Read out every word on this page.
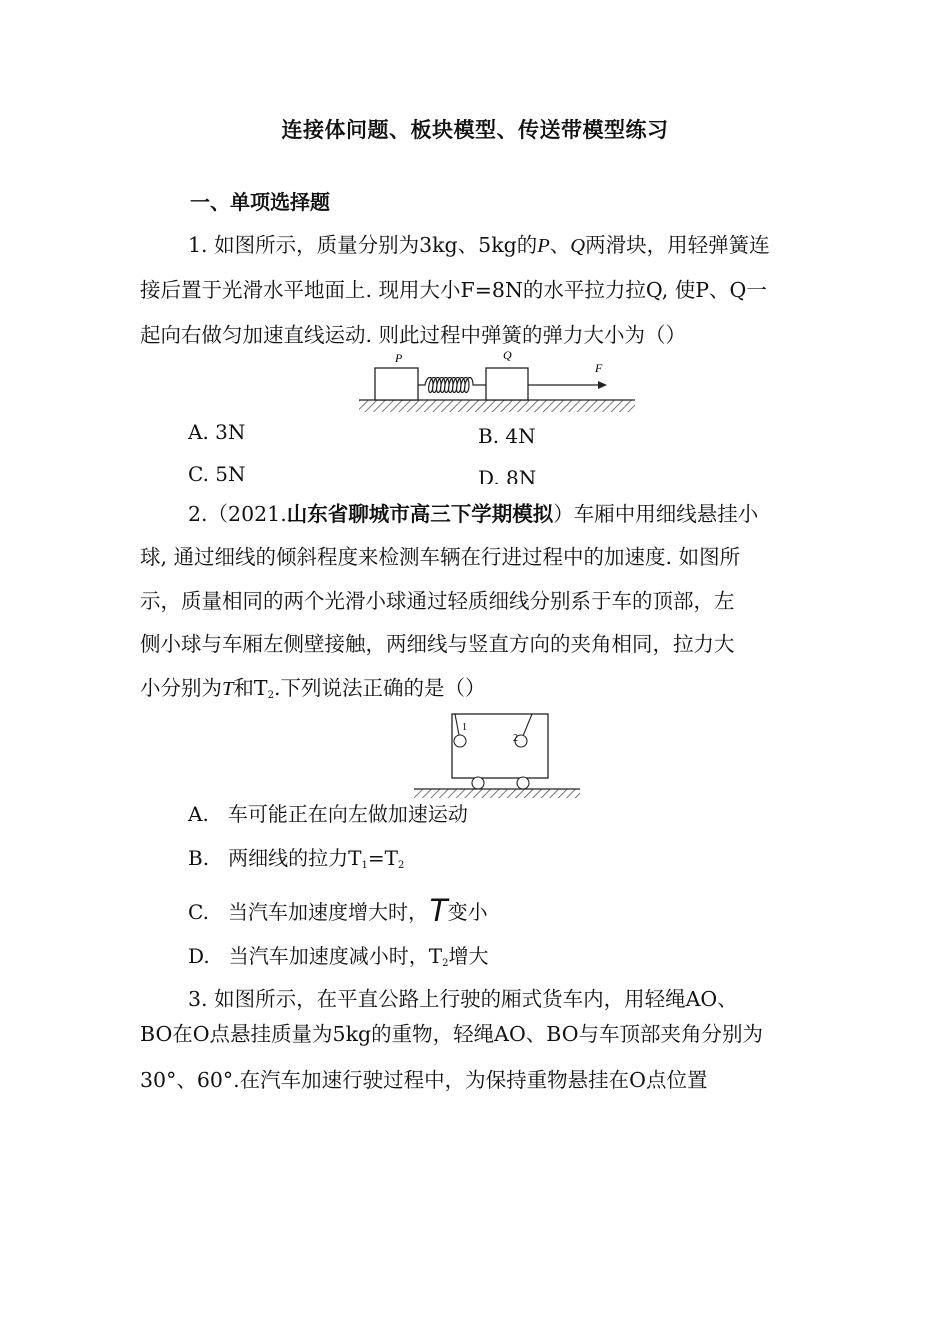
连接体问题、板块模型、传送带模型练习
一、单项选择题
1. 如图所示，质量分别为3kg、5kg的P、Q两滑块，用轻弹簧连
接后置于光滑水平地面上. 现用大小F=8N的水平拉力拉Q, 使P、Q一
起向右做匀加速直线运动. 则此过程中弹簧的弹力大小为（）
P	Q
F
A. 3N	B. 4N
C. 5N	D. 8N
2.（2021.山东省聊城市高三下学期模拟）车厢中用细线悬挂小
球, 通过细线的倾斜程度来检测车辆在行进过程中的加速度. 如图所
示，质量相同的两个光滑小球通过轻质细线分别系于车的顶部，左
侧小球与车厢左侧壁接触，两细线与竖直方向的夹角相同，拉力大
小分别为T和$T_2$.下列说法正确的是（）
1
2
A. 车可能正在向左做加速运动
B. 两细线的拉力$T_1=T_2$
C. 当汽车加速度增大时，T变小
D. 当汽车加速度减小时，$T_2$增大
3. 如图所示，在平直公路上行驶的厢式货车内，用轻绳AO、
BO在O点悬挂质量为5kg的重物，轻绳AO、BO与车顶部夹角分别为
30°、60°.在汽车加速行驶过程中，为保持重物悬挂在O点位置
